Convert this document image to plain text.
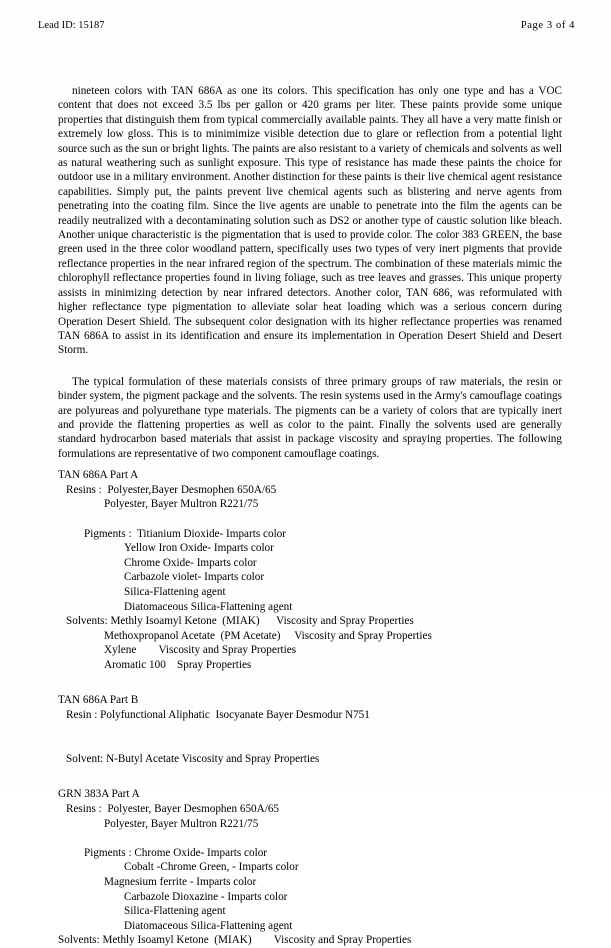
Lead ID: 15187	Page 3 of 4

nineteen colors with TAN 686A as one its colors. This specification has only one type and has a VOC content that does not exceed 3.5 lbs per gallon or 420 grams per liter. These paints provide some unique properties that distinguish them from typical commercially available paints. They all have a very matte finish or extremely low gloss. This is to minimimize visible detection due to glare or reflection from a potential light source such as the sun or bright lights. The paints are also resistant to a variety of chemicals and solvents as well as natural weathering such as sunlight exposure. This type of resistance has made these paints the choice for outdoor use in a military environment. Another distinction for these paints is their live chemical agent resistance capabilities. Simply put, the paints prevent live chemical agents such as blistering and nerve agents from penetrating into the coating film. Since the live agents are unable to penetrate into the film the agents can be readily neutralized with a decontaminating solution such as DS2 or another type of caustic solution like bleach. Another unique characteristic is the pigmentation that is used to provide color. The color 383 GREEN, the base green used in the three color woodland pattern, specifically uses two types of very inert pigments that provide reflectance properties in the near infrared region of the spectrum. The combination of these materials mimic the chlorophyll reflectance properties found in living foliage, such as tree leaves and grasses. This unique property assists in minimizing detection by near infrared detectors. Another color, TAN 686, was reformulated with higher reflectance type pigmentation to alleviate solar heat loading which was a serious concern during Operation Desert Shield. The subsequent color designation with its higher reflectance properties was renamed TAN 686A to assist in its identification and ensure its implementation in Operation Desert Shield and Desert Storm.

The typical formulation of these materials consists of three primary groups of raw materials, the resin or binder system, the pigment package and the solvents. The resin systems used in the Army's camouflage coatings are polyureas and polyurethane type materials. The pigments can be a variety of colors that are typically inert and provide the flattening properties as well as color to the paint. Finally the solvents used are generally standard hydrocarbon based materials that assist in package viscosity and spraying properties. The following formulations are representative of two component camouflage coatings.

TAN 686A Part A
Resins :  Polyester,Bayer Desmophen 650A/65
Polyester, Bayer Multron R221/75

Pigments :  Titianium Dioxide- Imparts color
Yellow Iron Oxide- Imparts color
Chrome Oxide- Imparts color
Carbazole violet- Imparts color
Silica-Flattening agent
Diatomaceous Silica-Flattening agent
Solvents: Methly Isoamyl Ketone  (MIAK)      Viscosity and Spray Properties
Methoxpropanol Acetate  (PM Acetate)     Viscosity and Spray Properties
Xylene        Viscosity and Spray Properties
Aromatic 100    Spray Properties
TAN 686A Part B
Resin : Polyfunctional Aliphatic  Isocyanate Bayer Desmodur N751

Solvent: N-Butyl Acetate Viscosity and Spray Properties
GRN 383A Part A
Resins :  Polyester, Bayer Desmophen 650A/65
Polyester, Bayer Multron R221/75

Pigments : Chrome Oxide- Imparts color
Cobalt -Chrome Green, - Imparts color
Magnesium ferrite - Imparts color
Carbazole Dioxazine - Imparts color
Silica-Flattening agent
Diatomaceous Silica-Flattening agent
Solvents: Methly Isoamyl Ketone  (MIAK)        Viscosity and Spray Properties
